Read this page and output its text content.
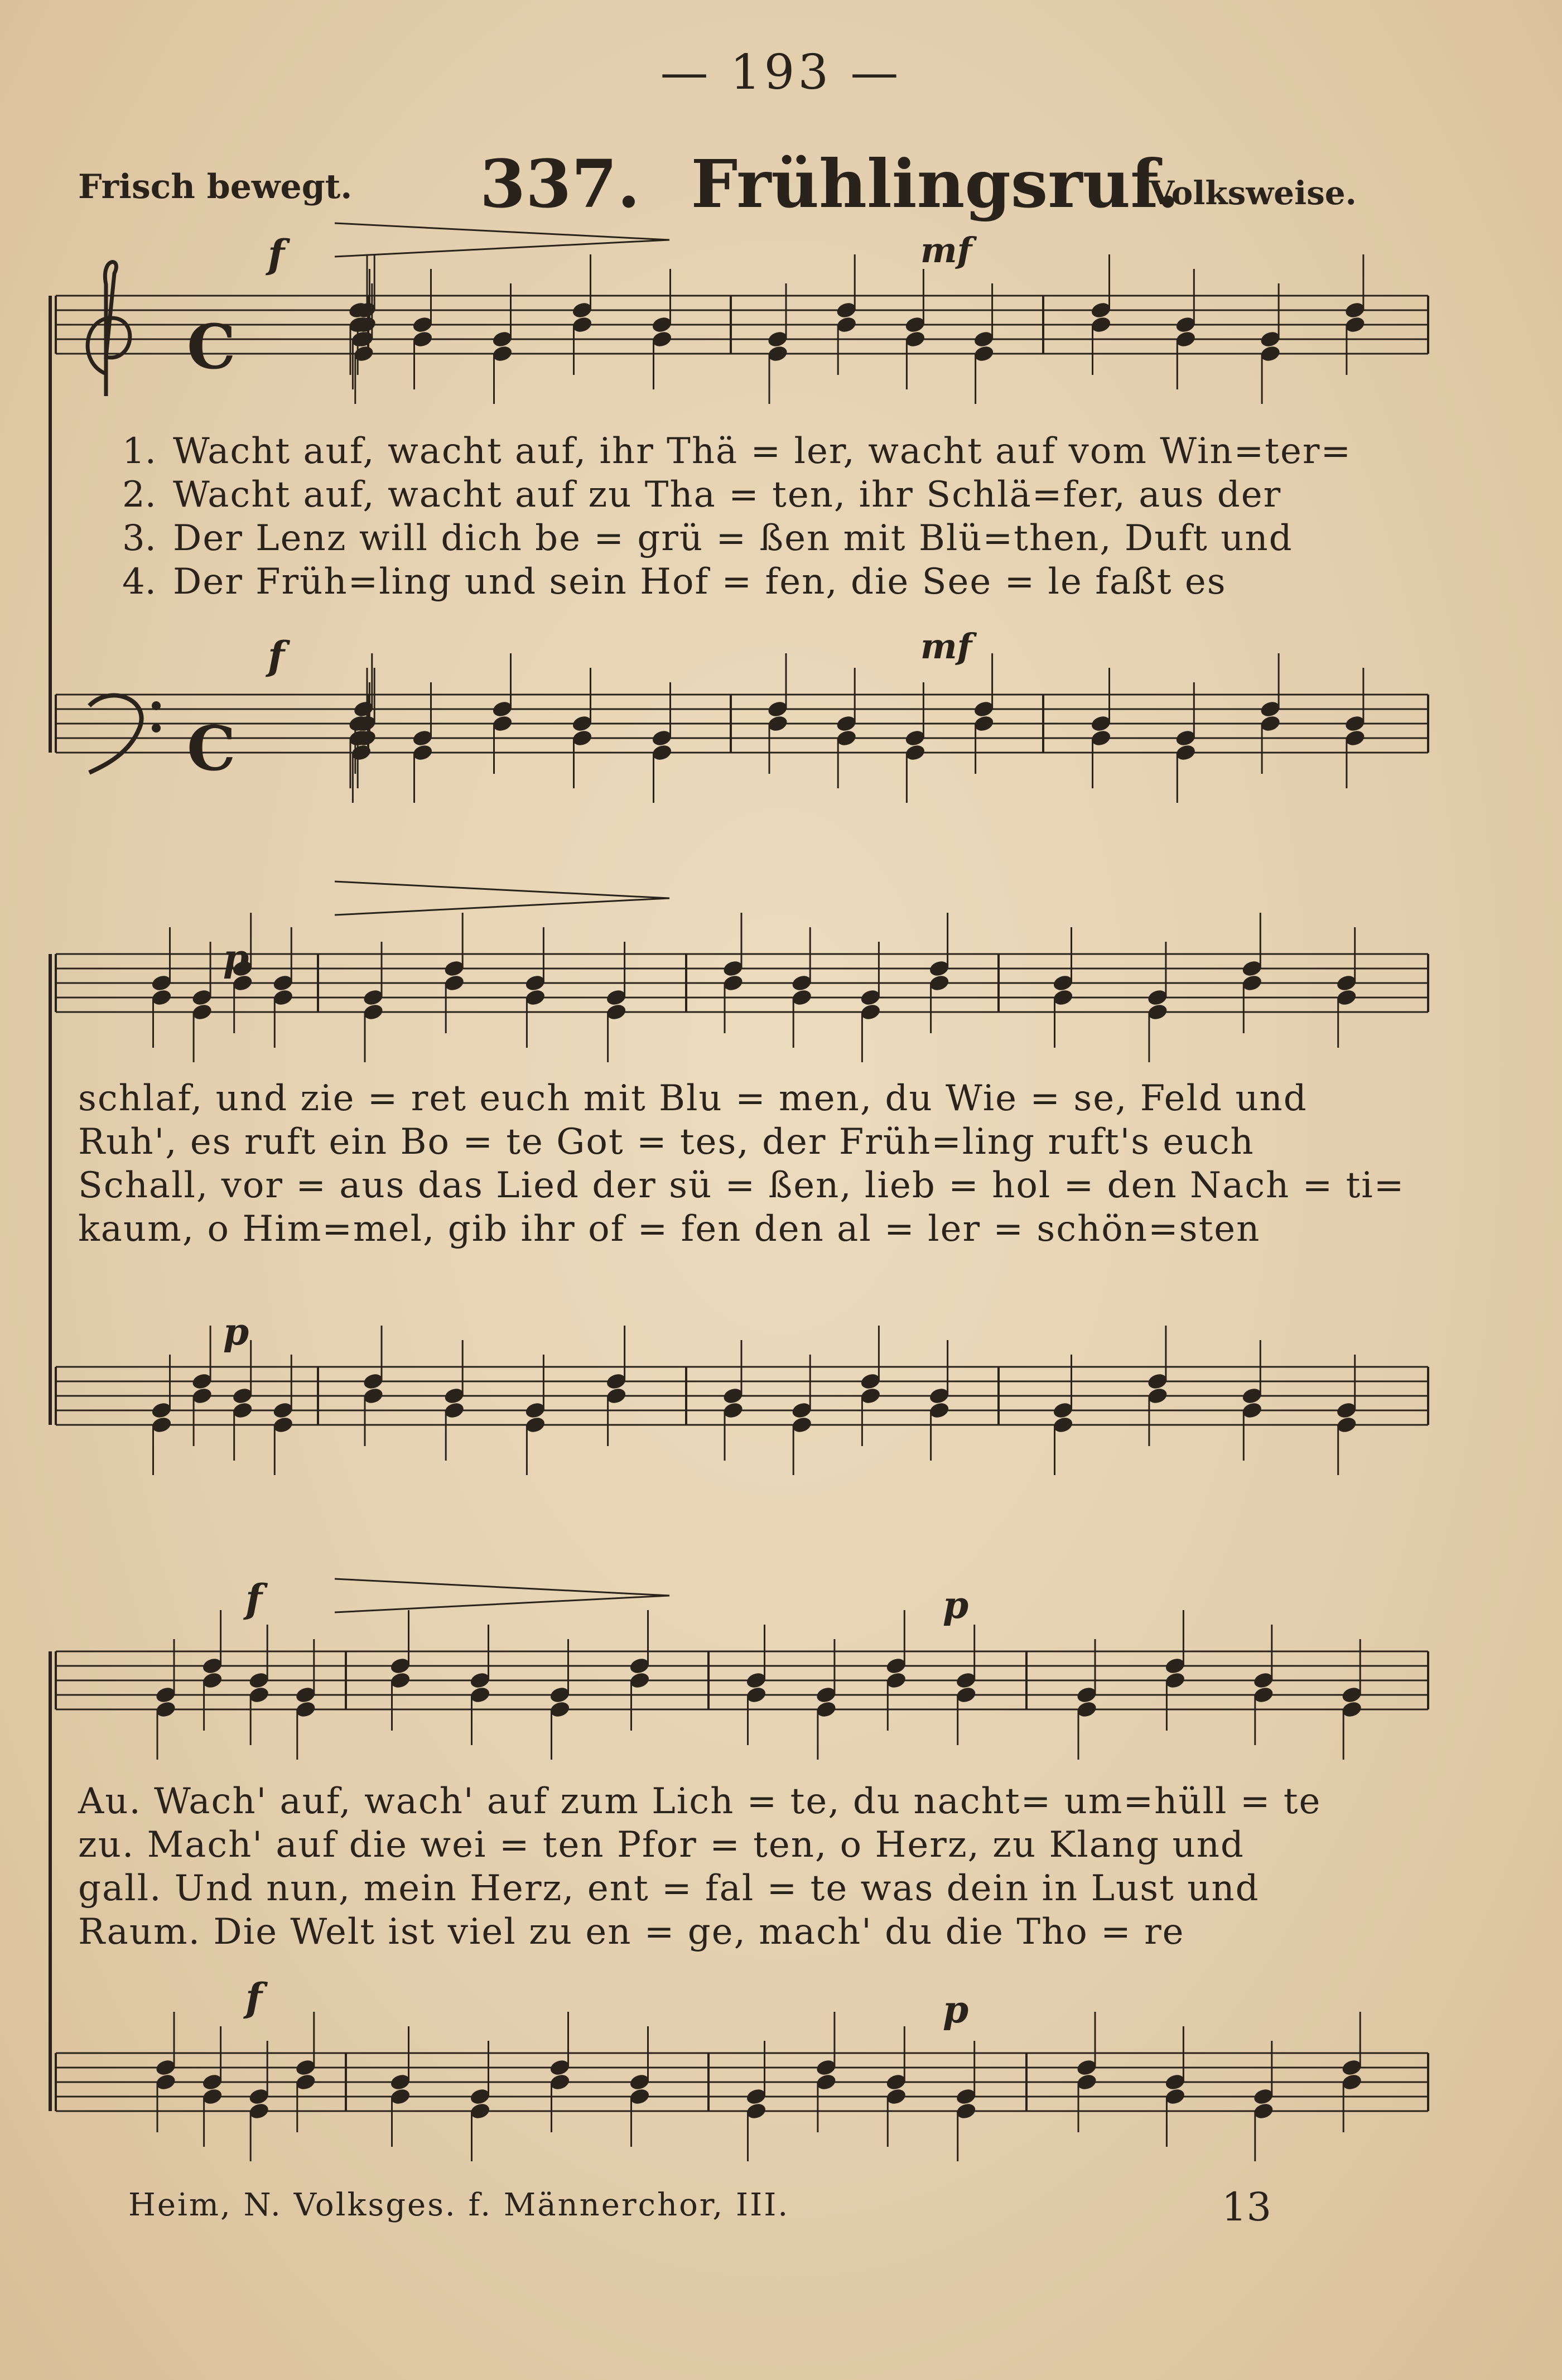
— 193 —
Frisch bewegt. 337. Frühlingsruf.
Volksweise.
f	mf
f	mf
p
p
f	p
f	p
C
C
1. Wacht auf, wacht auf, ihr Thä = ler, wacht auf vom Win=ter=
2. Wacht auf, wacht auf zu Tha = ten, ihr Schlä=fer, aus der
3. Der Lenz will dich be = grü = ßen mit Blü=then, Duft und
4. Der Früh=ling und sein Hof = fen, die See = le faßt es
schlaf, und zie = ret euch mit Blu = men, du Wie = se, Feld und
Ruh', es ruft ein Bo = te Got = tes, der Früh=ling ruft's euch
Schall, vor = aus das Lied der sü = ßen, lieb = hol = den Nach = ti=
kaum, o Him=mel, gib ihr of = fen den al = ler = schön=sten
Au. Wach' auf, wach' auf zum Lich = te, du nacht= um=hüll = te
zu. Mach' auf die wei = ten Pfor = ten, o Herz, zu Klang und
gall. Und nun, mein Herz, ent = fal = te was dein in Lust und
Raum. Die Welt ist viel zu en = ge, mach' du die Tho = re
Heim, N. Volksges. f. Männerchor, III.	13
